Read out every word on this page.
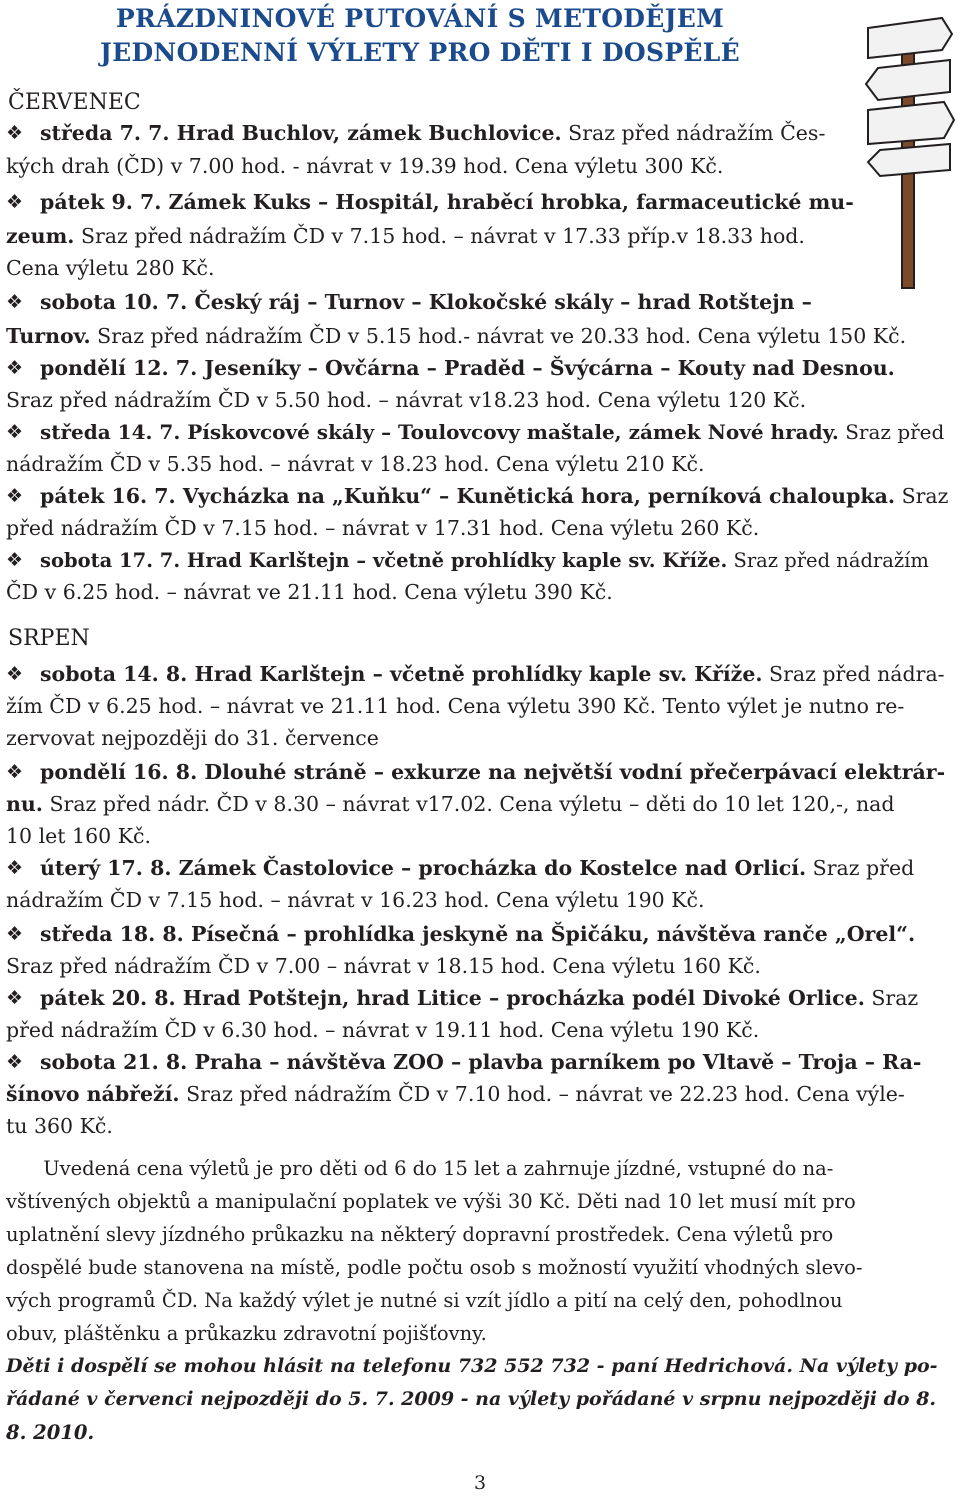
PRÁZDNINOVÉ PUTOVÁNÍ S METODĚJEM
JEDNODENNÍ VÝLETY PRO DĚTI I DOSPĚLÉ
ČERVENEC
❖ středa 7. 7. Hrad Buchlov, zámek Buchlovice. Sraz před nádražím Čes-
kých drah (ČD) v 7.00 hod. - návrat v 19.39 hod. Cena výletu 300 Kč.
❖ pátek 9. 7. Zámek Kuks – Hospitál, hraběcí hrobka, farmaceutické mu-
zeum. Sraz před nádražím ČD v 7.15 hod. – návrat v 17.33 příp.v 18.33 hod.
Cena výletu 280 Kč.
❖ sobota 10. 7. Český ráj – Turnov – Klokočské skály – hrad Rotštejn –
Turnov. Sraz před nádražím ČD v 5.15 hod.- návrat ve 20.33 hod. Cena výletu 150 Kč.
❖ pondělí 12. 7. Jeseníky – Ovčárna – Praděd – Švýcárna – Kouty nad Desnou.
Sraz před nádražím ČD v 5.50 hod. – návrat v18.23 hod. Cena výletu 120 Kč.
❖ středa 14. 7. Pískovcové skály – Toulovcovy maštale, zámek Nové hrady. Sraz před
nádražím ČD v 5.35 hod. – návrat v 18.23 hod. Cena výletu 210 Kč.
❖ pátek 16. 7. Vycházka na „Kuňku“ – Kunětická hora, perníková chaloupka. Sraz
před nádražím ČD v 7.15 hod. – návrat v 17.31 hod. Cena výletu 260 Kč.
❖ sobota 17. 7. Hrad Karlštejn – včetně prohlídky kaple sv. Kříže. Sraz před nádražím
ČD v 6.25 hod. – návrat ve 21.11 hod. Cena výletu 390 Kč.
SRPEN
❖ sobota 14. 8. Hrad Karlštejn – včetně prohlídky kaple sv. Kříže. Sraz před nádra-
žím ČD v 6.25 hod. – návrat ve 21.11 hod. Cena výletu 390 Kč. Tento výlet je nutno re-
zervovat nejpozději do 31. července
❖ pondělí 16. 8. Dlouhé stráně – exkurze na největší vodní přečerpávací elektrár-
nu. Sraz před nádr. ČD v 8.30 – návrat v17.02. Cena výletu – děti do 10 let 120,-, nad
10 let 160 Kč.
❖ úterý 17. 8. Zámek Častolovice – procházka do Kostelce nad Orlicí. Sraz před
nádražím ČD v 7.15 hod. – návrat v 16.23 hod. Cena výletu 190 Kč.
❖ středa 18. 8. Písečná – prohlídka jeskyně na Špičáku, návštěva ranče „Orel“.
Sraz před nádražím ČD v 7.00 – návrat v 18.15 hod. Cena výletu 160 Kč.
❖ pátek 20. 8. Hrad Potštejn, hrad Litice – procházka podél Divoké Orlice. Sraz
před nádražím ČD v 6.30 hod. – návrat v 19.11 hod. Cena výletu 190 Kč.
❖ sobota 21. 8. Praha – návštěva ZOO – plavba parníkem po Vltavě – Troja – Ra-
šínovo nábřeží. Sraz před nádražím ČD v 7.10 hod. – návrat ve 22.23 hod. Cena výle-
tu 360 Kč.
Uvedená cena výletů je pro děti od 6 do 15 let a zahrnuje jízdné, vstupné do na-
vštívených objektů a manipulační poplatek ve výši 30 Kč. Děti nad 10 let musí mít pro
uplatnění slevy jízdného průkazku na některý dopravní prostředek. Cena výletů pro
dospělé bude stanovena na místě, podle počtu osob s možností využití vhodných slevo-
vých programů ČD. Na každý výlet je nutné si vzít jídlo a pití na celý den, pohodlnou
obuv, pláštěnku a průkazku zdravotní pojišťovny.
Děti i dospělí se mohou hlásit na telefonu 732 552 732 - paní Hedrichová. Na výlety po-
řádané v červenci nejpozději do 5. 7. 2009 - na výlety pořádané v srpnu nejpozději do 8.
8. 2010.
3
